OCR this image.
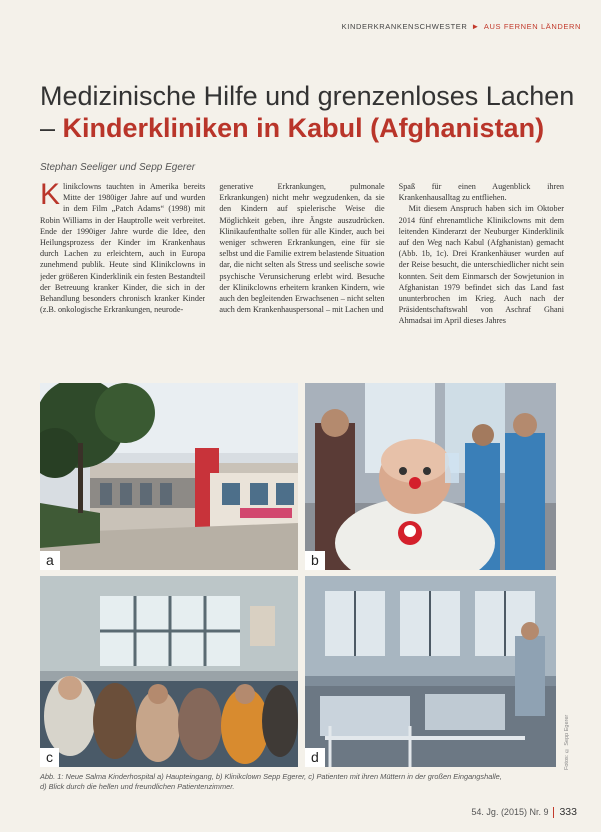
KINDERKRANKENSCHWESTER ► AUS FERNEN LÄNDERN
Medizinische Hilfe und grenzenloses Lachen
– Kinderkliniken in Kabul (Afghanistan)
Stephan Seeliger und Sepp Egerer
Klinikclowns tauchten in Amerika bereits Mitte der 1980iger Jahre auf und wurden in dem Film „Patch Adams“ (1998) mit Robin Williams in der Hauptrolle weit verbreitet. Ende der 1990iger Jahre wurde die Idee, den Heilungsprozess der Kinder im Krankenhaus durch Lachen zu erleichtern, auch in Europa zunehmend publik. Heute sind Klinikclowns in jeder größeren Kinderklinik ein festen Bestandteil der Betreuung kranker Kinder, die sich in der Behandlung besonders chronisch kranker Kinder (z.B. onkologische Erkrankungen, neurode-
generative Erkrankungen, pulmonale Erkrankungen) nicht mehr wegzudenken, da sie den Kindern auf spielerische Weise die Möglichkeit geben, ihre Ängste auszudrücken. Klinikaufenthalte sollen für alle Kinder, auch bei weniger schweren Erkrankungen, eine für sie selbst und die Familie extrem belastende Situation dar, die nicht selten als Stress und seelische sowie psychische Verunsicherung erlebt wird. Besuche der Klinikclowns erheitern kranken Kindern, wie auch den begleitenden Erwachsenen – nicht selten auch dem Krankenhauspersonal – mit Lachen und
Spaß für einen Augenblick ihren Krankenhausalltag zu entfliehen.
Mit diesem Anspruch haben sich im Oktober 2014 fünf ehrenamtliche Klinikclowns mit dem leitenden Kinderarzt der Neuburger Kinderklinik auf den Weg nach Kabul (Afghanistan) gemacht (Abb. 1b, 1c). Drei Krankenhäuser wurden auf der Reise besucht, die unterschiedlicher nicht sein konnten. Seit dem Einmarsch der Sowjetunion in Afghanistan 1979 befindet sich das Land fast ununterbrochen im Krieg. Auch nach der Präsidentschaftswahl von Aschraf Ghani Ahmadsai im April dieses Jahres
a	b
c	d	Fotos: © Sepp Egerer
Abb. 1: Neue Salma Kinderhospital a) Haupteingang, b) Klinikclown Sepp Egerer, c) Patienten mit ihren Müttern in der großen Eingangshalle, d) Blick durch die hellen und freundlichen Patientenzimmer.
54. Jg. (2015) Nr. 9 333
